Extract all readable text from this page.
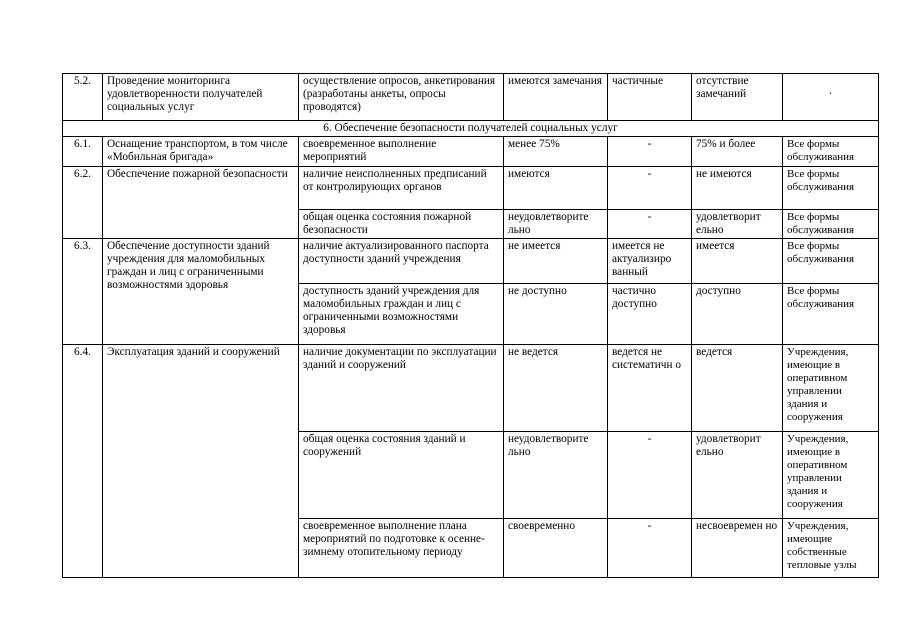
5.2.	Проведение мониторинга удовлетворенности получателей социальных услуг	осуществление опросов, анкетирования (разработаны анкеты, опросы проводятся)	имеются замечания	частичные	отсутствие замечаний	.

6. Обеспечение безопасности получателей социальных услуг						
6.1.	Оснащение транспортом, в том числе «Мобильная бригада»	своевременное выполнение мероприятий	менее 75%	-	75% и более	Все формы обслуживания
6.2.	Обеспечение пожарной безопасности	наличие неисполненных предписаний от контролирующих органов	имеются	-	не имеются	Все формы обслуживания
		общая оценка состояния пожарной безопасности	неудовлетворите льно	-	удовлетворит ельно	Все формы обслуживания
6.3.	Обеспечение доступности зданий учреждения для маломобильных граждан и лиц с ограниченными возможностями здоровья	наличие актуализированного паспорта доступности зданий учреждения	не имеется	имеется не актуализиро ванный	имеется	Все формы обслуживания
		доступность зданий учреждения для маломобильных граждан и лиц с ограниченными возможностями здоровья	не доступно	частично доступно	доступно	Все формы обслуживания
6.4.	Эксплуатация зданий и сооружений	наличие документации по эксплуатации зданий и сооружений	не ведется	ведется не систематичн о	ведется	Учреждения, имеющие в оперативном управлении здания и сооружения
		общая оценка состояния зданий и сооружений	неудовлетворите льно	-	удовлетворит ельно	Учреждения, имеющие в оперативном управлении здания и сооружения
		своевременное выполнение плана мероприятий по подготовке к осенне-зимнему отопительному периоду	своевременно	-	несвоевремен но	Учреждения, имеющие собственные тепловые узлы
